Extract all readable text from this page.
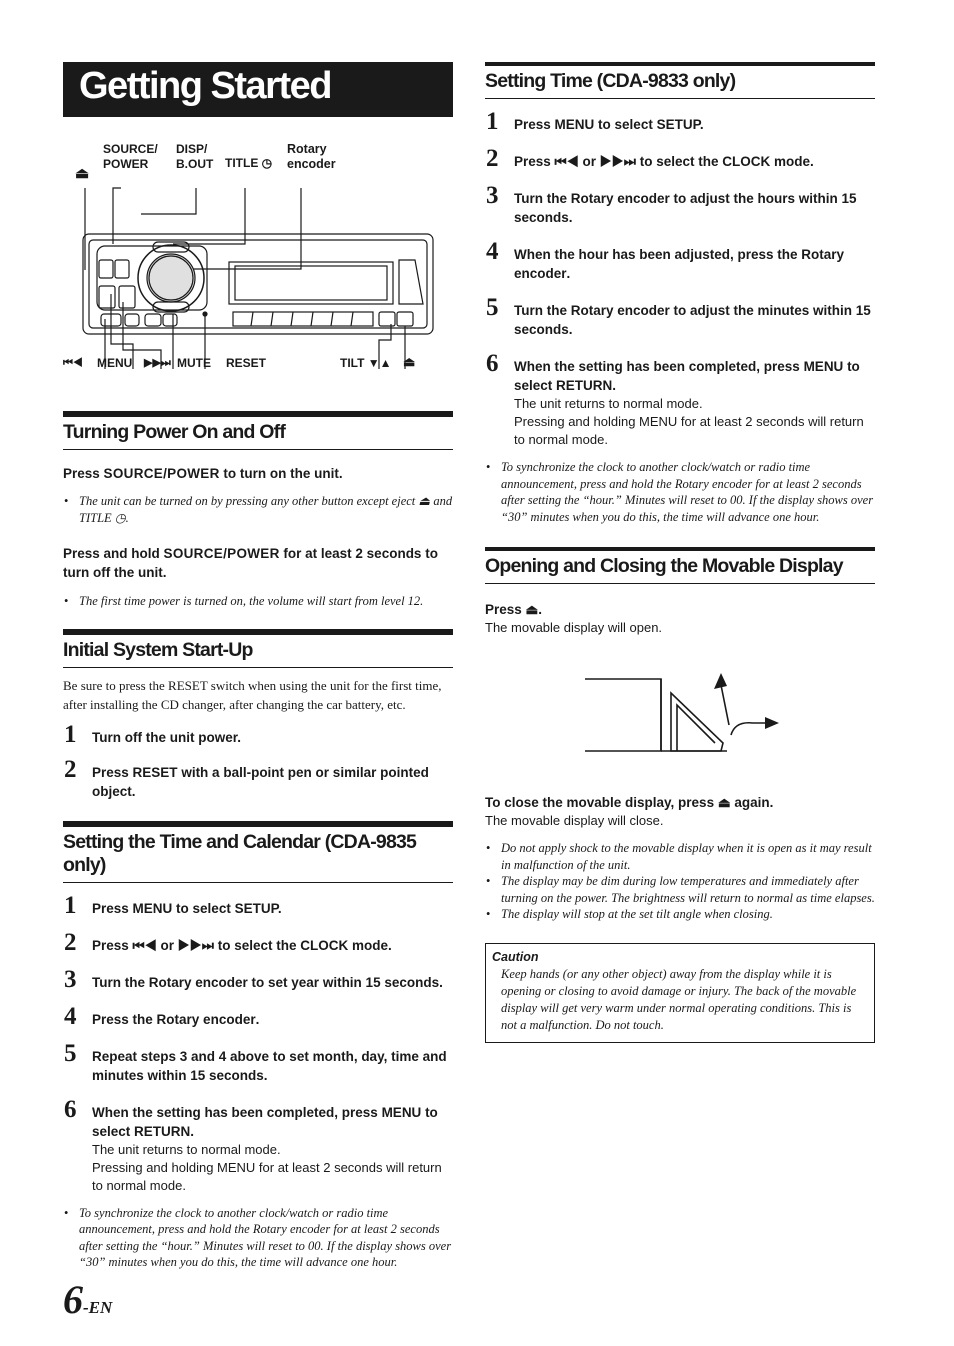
Getting Started
⏏
SOURCE/
POWER
DISP/
B.OUT TITLE ◷
Rotary
encoder
⏮◀ MENU ▶▶⏭ MUTE RESET	TILT ▼▲ ⏏
Turning Power On and Off
Press SOURCE/POWER to turn on the unit.
• The unit can be turned on by pressing any other button except eject ⏏ and TITLE ◷.
Press and hold SOURCE/POWER for at least 2 seconds to turn off the unit.
• The first time power is turned on, the volume will start from level 12.
Initial System Start-Up
Be sure to press the RESET switch when using the unit for the first time, after installing the CD changer, after changing the car battery, etc.
1 Turn off the unit power.
2 Press RESET with a ball-point pen or similar pointed object.
Setting the Time and Calendar (CDA-9835 only)
1 Press MENU to select SETUP.
2 Press ⏮◀ or ▶▶⏭ to select the CLOCK mode.
3 Turn the Rotary encoder to set year within 15 seconds.
4 Press the Rotary encoder.
5 Repeat steps 3 and 4 above to set month, day, time and minutes within 15 seconds.
6 When the setting has been completed, press MENU to select RETURN.
The unit returns to normal mode.
Pressing and holding MENU for at least 2 seconds will return to normal mode.
• To synchronize the clock to another clock/watch or radio time announcement, press and hold the Rotary encoder for at least 2 seconds after setting the “hour.” Minutes will reset to 00. If the display shows over “30” minutes when you do this, the time will advance one hour.
Setting Time (CDA-9833 only)
1 Press MENU to select SETUP.
2 Press ⏮◀ or ▶▶⏭ to select the CLOCK mode.
3 Turn the Rotary encoder to adjust the hours within 15 seconds.
4 When the hour has been adjusted, press the Rotary encoder.
5 Turn the Rotary encoder to adjust the minutes within 15 seconds.
6 When the setting has been completed, press MENU to select RETURN.
The unit returns to normal mode.
Pressing and holding MENU for at least 2 seconds will return to normal mode.
• To synchronize the clock to another clock/watch or radio time announcement, press and hold the Rotary encoder for at least 2 seconds after setting the “hour.” Minutes will reset to 00. If the display shows over “30” minutes when you do this, the time will advance one hour.
Opening and Closing the Movable Display
Press ⏏.
The movable display will open.
To close the movable display, press ⏏ again.
The movable display will close.
• Do not apply shock to the movable display when it is open as it may result in malfunction of the unit.
• The display may be dim during low temperatures and immediately after turning on the power. The brightness will return to normal as time elapses.
• The display will stop at the set tilt angle when closing.
Caution
Keep hands (or any other object) away from the display while it is opening or closing to avoid damage or injury. The back of the movable display will get very warm under normal operating conditions. This is not a malfunction. Do not touch.
6-EN
